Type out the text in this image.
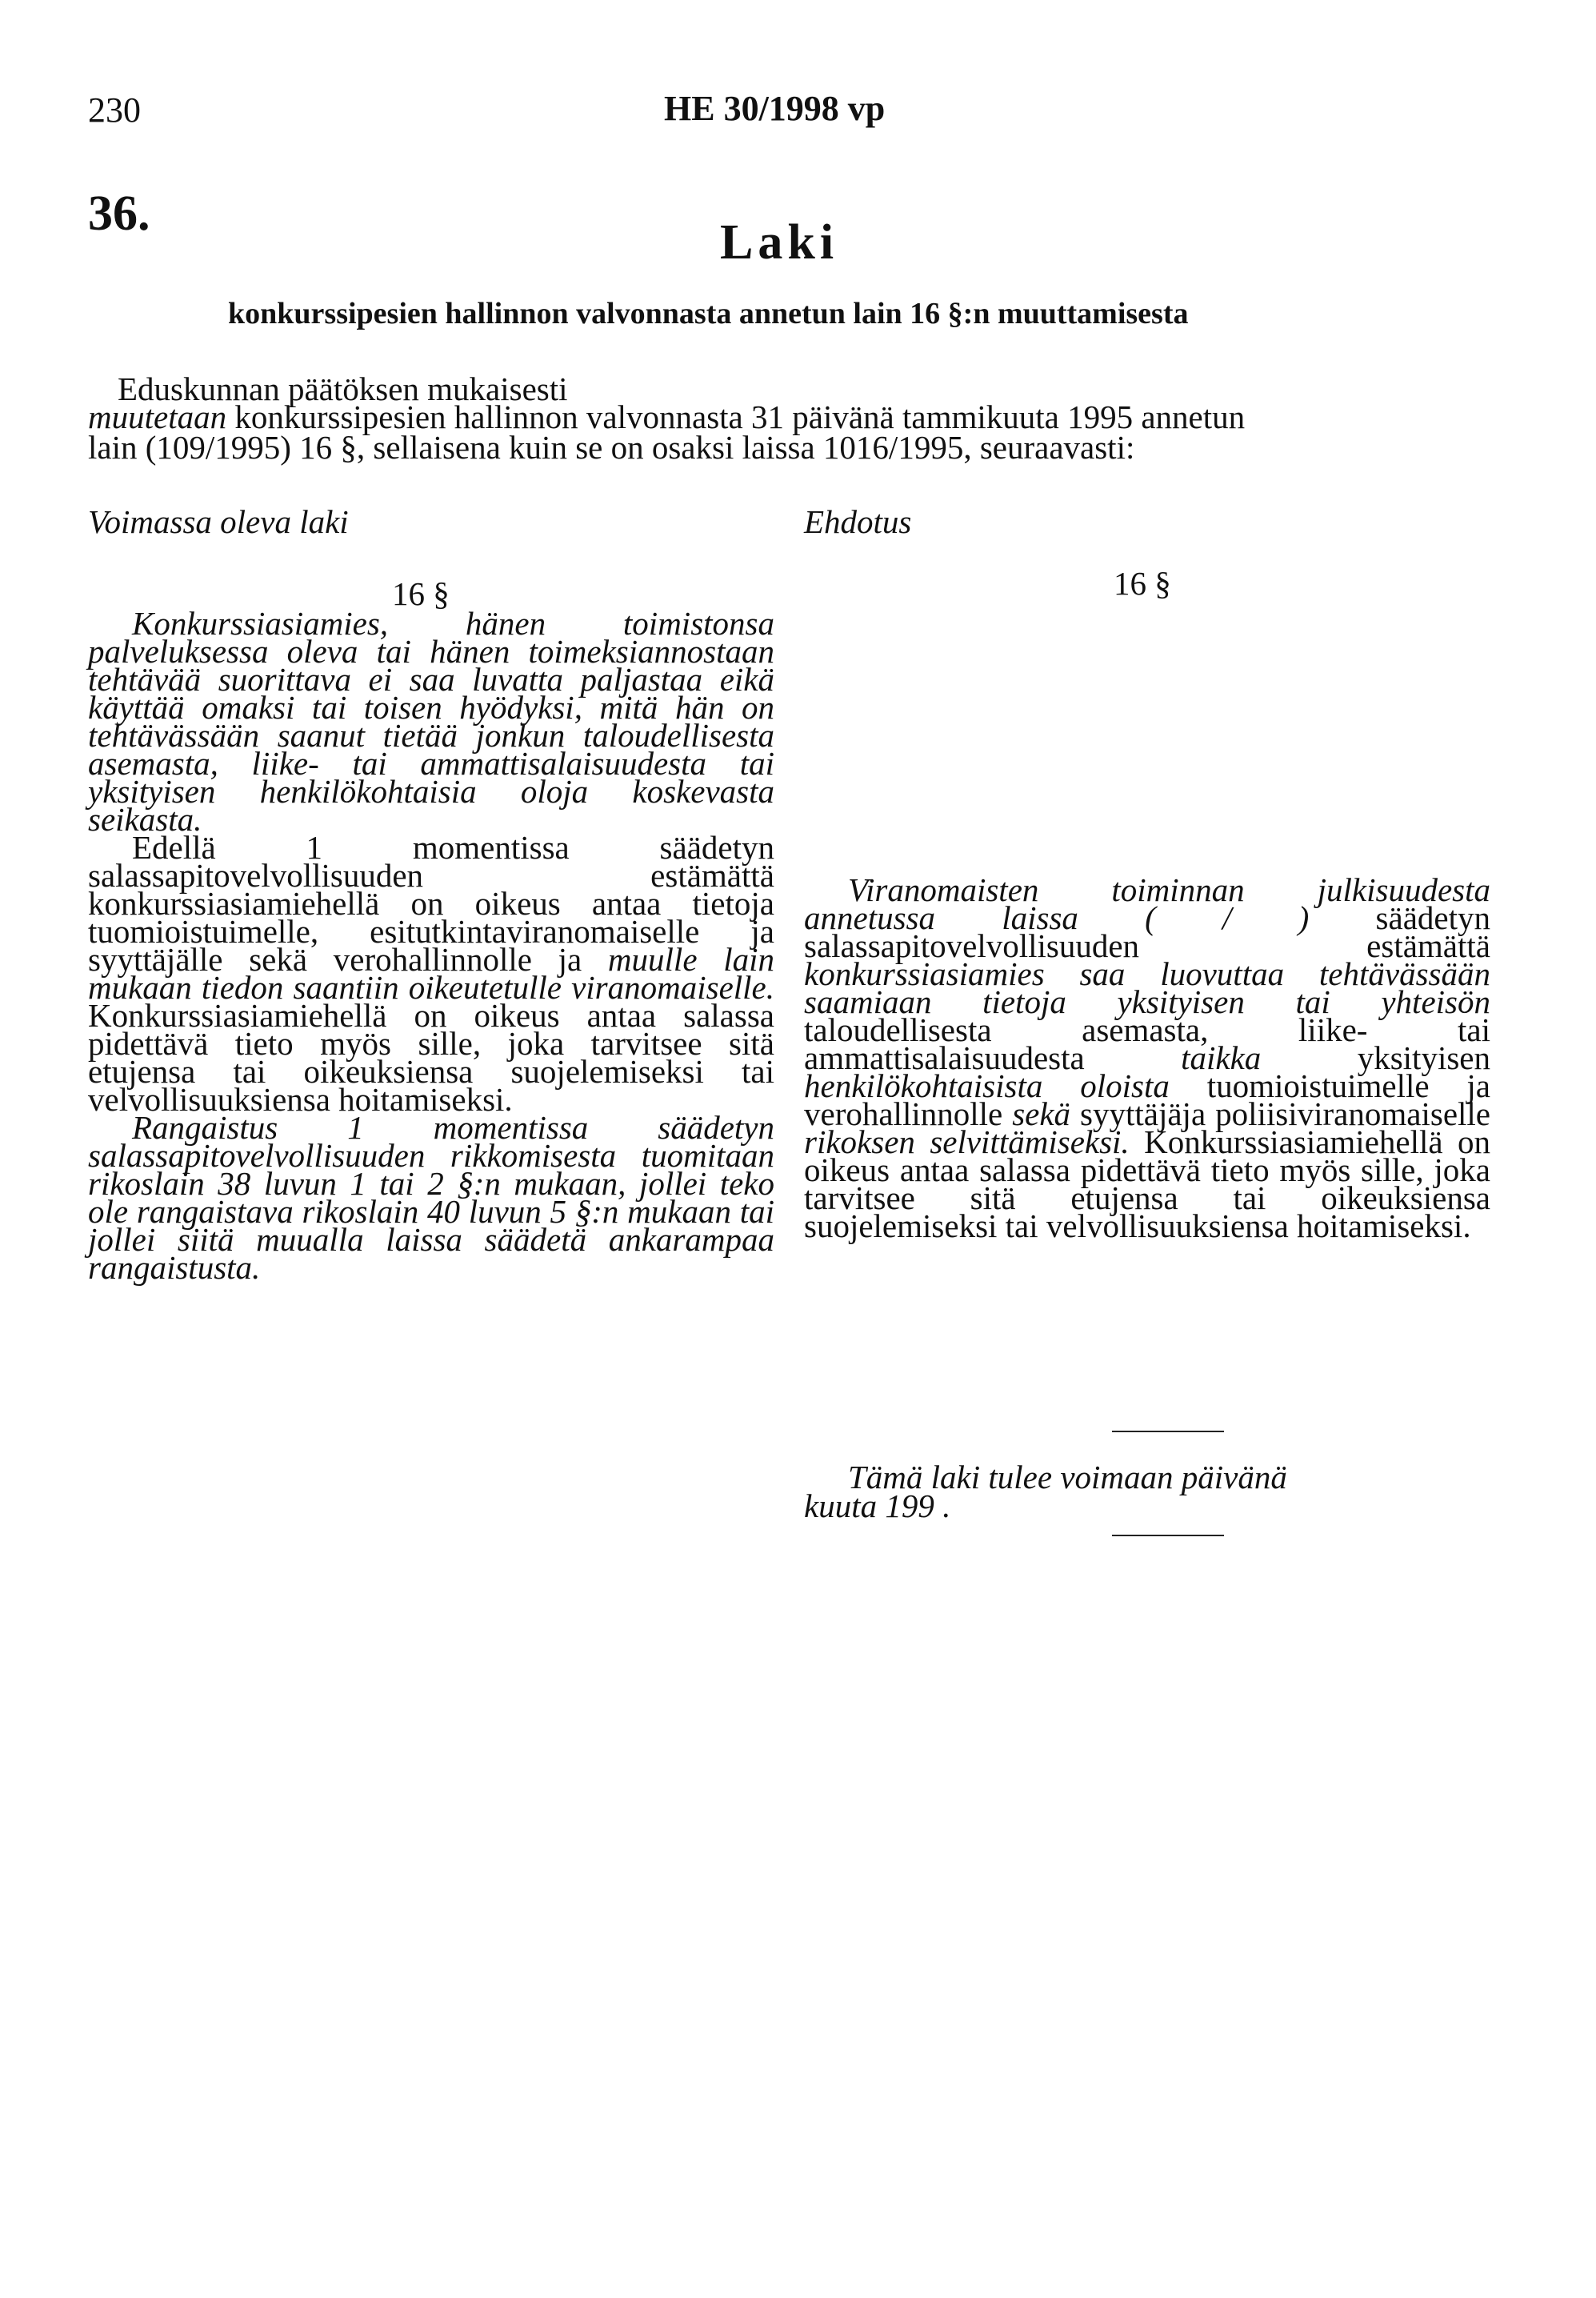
230	HE 30/1998 vp
36.
Laki
konkurssipesien hallinnon valvonnasta annetun lain 16 §:n muuttamisesta
Eduskunnan päätöksen mukaisesti
muutetaan konkurssipesien hallinnon valvonnasta 31 päivänä tammikuuta 1995 annetun
lain (109/1995) 16 §, sellaisena kuin se on osaksi laissa 1016/1995, seuraavasti:
Voimassa oleva laki	Ehdotus
16 §	16 §

Konkurssiasiamies, hänen toimistonsa palveluksessa oleva tai hänen toimeksiannostaan tehtävää suorittava ei saa luvatta paljastaa eikä käyttää omaksi tai toisen hyödyksi, mitä hän on tehtävässään saanut tietää jonkun taloudellisesta asemasta, liike- tai ammattisalaisuudesta tai yksityisen henkilökohtaisia oloja koskevasta seikasta.

Edellä 1 momentissa säädetyn salassapitovelvollisuuden estämättä konkurssiasiamiehellä on oikeus antaa tietoja tuomioistuimelle, esitutkintaviranomaiselle ja syyttäjälle sekä verohallinnolle ja muulle lain mukaan tiedon saantiin oikeutetulle viranomaiselle. Konkurssiasiamiehellä on oikeus antaa salassa pidettävä tieto myös sille, joka tarvitsee sitä etujensa tai oikeuksiensa suojelemiseksi tai velvollisuuksiensa hoitamiseksi.

Rangaistus 1 momentissa säädetyn salassapitovelvollisuuden rikkomisesta tuomitaan rikoslain 38 luvun 1 tai 2 §:n mukaan, jollei teko ole rangaistava rikoslain 40 luvun 5 §:n mukaan tai jollei siitä muualla laissa säädetä ankarampaa rangaistusta.

Viranomaisten toiminnan julkisuudesta annetussa laissa ( / ) säädetyn salassapitovelvollisuuden estämättä konkurssiasiamies saa luovuttaa tehtävässään saamiaan tietoja yksityisen tai yhteisön taloudellisesta asemasta, liike- tai ammattisalaisuudesta taikka yksityisen henkilökohtaisista oloista tuomioistuimelle ja verohallinnolle sekä syyttäjäja poliisiviranomaiselle rikoksen selvittämiseksi. Konkurssiasiamiehellä on oikeus antaa salassa pidettävä tieto myös sille, joka tarvitsee sitä etujensa tai oikeuksiensa suojelemiseksi tai velvollisuuksiensa hoitamiseksi.

Tämä laki tulee voimaan päivänä
kuuta 199 .
